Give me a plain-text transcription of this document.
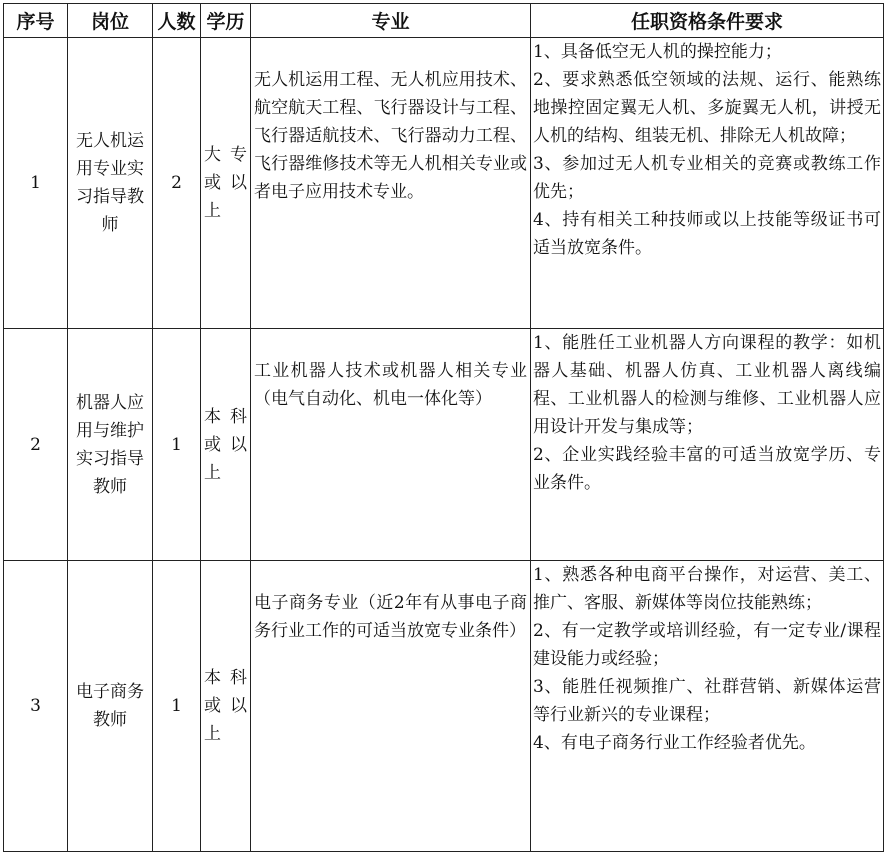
序号	岗位	人数	学历	专业	任职资格条件要求
1	无人机运用专业实习指导教师	2	大专或以上	无人机运用工程、无人机应用技术、航空航天工程、飞行器设计与工程、飞行器适航技术、飞行器动力工程、飞行器维修技术等无人机相关专业或者电子应用技术专业。	1、具备低空无人机的操控能力；

2、要求熟悉低空领域的法规、运行、能熟练地操控固定翼无人机、多旋翼无人机，讲授无人机的结构、组装无机、排除无人机故障；

3、参加过无人机专业相关的竞赛或教练工作优先；

4、持有相关工种技师或以上技能等级证书可适当放宽条件。

2	机器人应用与维护实习指导教师	1	本科或以上	工业机器人技术或机器人相关专业（电气自动化、机电一体化等）	1、能胜任工业机器人方向课程的教学：如机器人基础、机器人仿真、工业机器人离线编程、工业机器人的检测与维修、工业机器人应用设计开发与集成等；

2、企业实践经验丰富的可适当放宽学历、专业条件。

3	电子商务教师	1	本科或以上	电子商务专业（近2年有从事电子商务行业工作的可适当放宽专业条件）	1、熟悉各种电商平台操作，对运营、美工、推广、客服、新媒体等岗位技能熟练；

2、有一定教学或培训经验，有一定专业/课程建设能力或经验；

3、能胜任视频推广、社群营销、新媒体运营等行业新兴的专业课程；

4、有电子商务行业工作经验者优先。
